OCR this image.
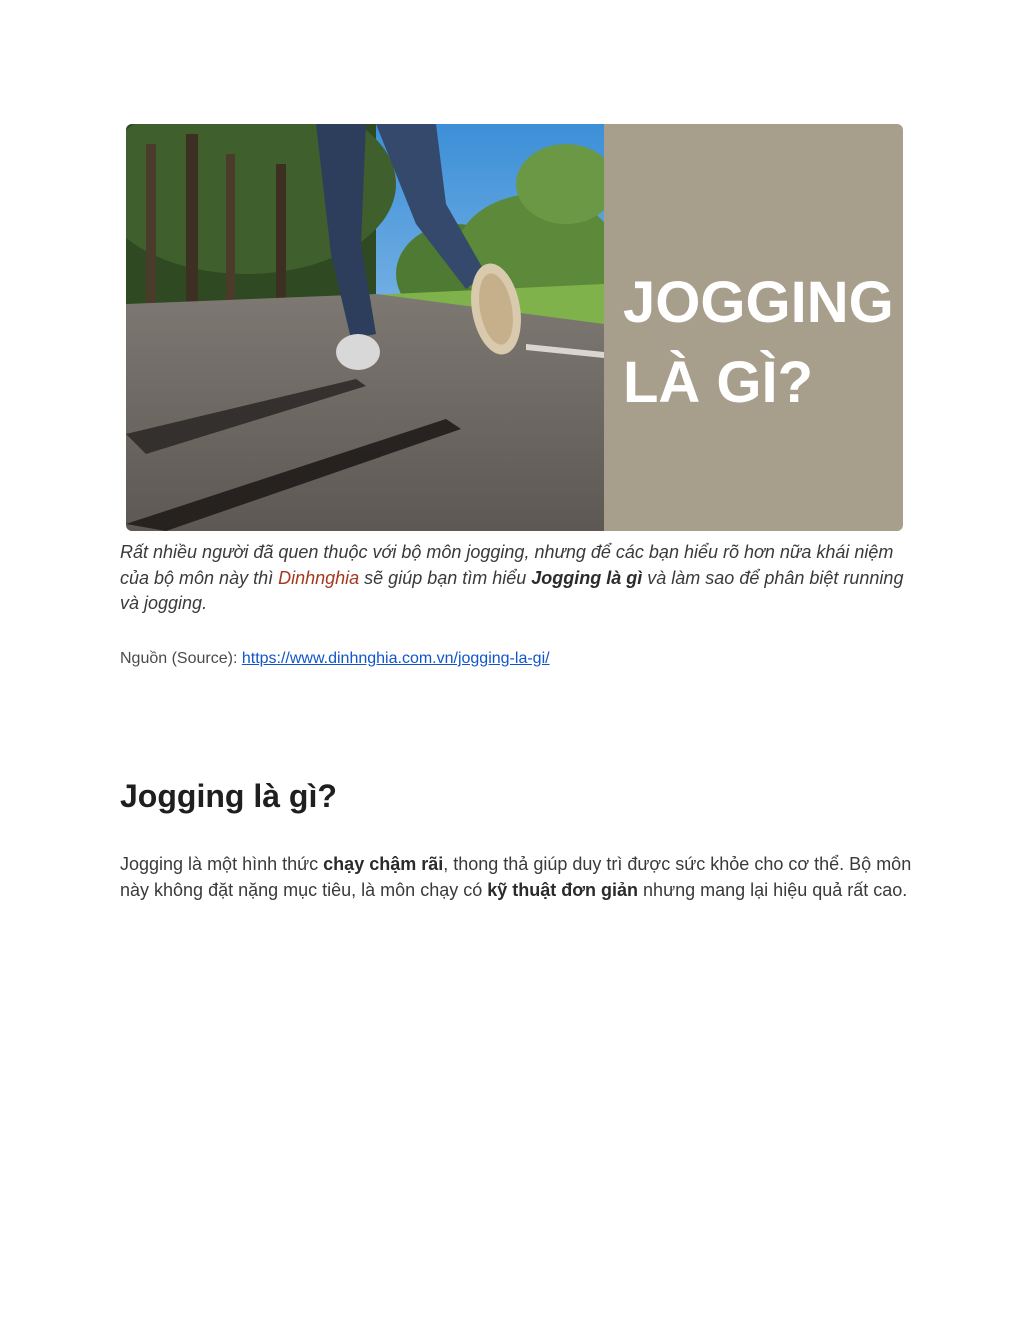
JOGGING
LÀ GÌ?
Rất nhiều người đã quen thuộc với bộ môn jogging, nhưng để các bạn hiểu rõ hơn nữa khái niệm của bộ môn này thì Dinhnghia sẽ giúp bạn tìm hiểu Jogging là gì và làm sao để phân biệt running và jogging.
Nguồn (Source): https://www.dinhnghia.com.vn/jogging-la-gi/
Jogging là gì?
Jogging là một hình thức chạy chậm rãi, thong thả giúp duy trì được sức khỏe cho cơ thể. Bộ môn này không đặt nặng mục tiêu, là môn chạy có kỹ thuật đơn giản nhưng mang lại hiệu quả rất cao.
